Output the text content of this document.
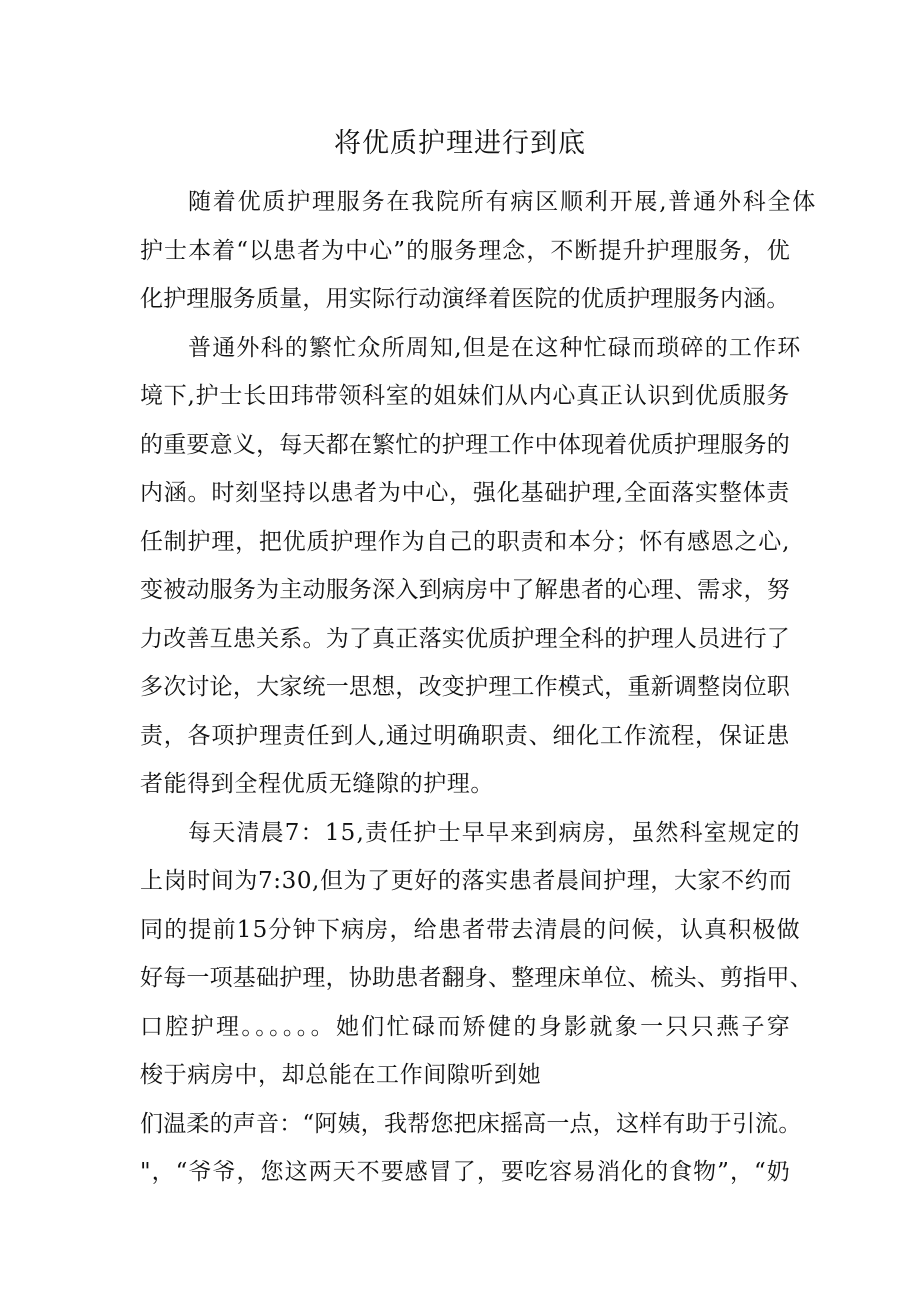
将优质护理进行到底
随着优质护理服务在我院所有病区顺利开展,普通外科全体
护士本着“以患者为中心”的服务理念，不断提升护理服务，优
化护理服务质量，用实际行动演绎着医院的优质护理服务内涵。
普通外科的繁忙众所周知,但是在这种忙碌而琐碎的工作环
境下,护士长田玮带领科室的姐妹们从内心真正认识到优质服务
的重要意义，每天都在繁忙的护理工作中体现着优质护理服务的
内涵。时刻坚持以患者为中心，强化基础护理,全面落实整体责
任制护理，把优质护理作为自己的职责和本分；怀有感恩之心,
变被动服务为主动服务深入到病房中了解患者的心理、需求，努
力改善互患关系。为了真正落实优质护理全科的护理人员进行了
多次讨论，大家统一思想，改变护理工作模式，重新调整岗位职
责，各项护理责任到人,通过明确职责、细化工作流程，保证患
者能得到全程优质无缝隙的护理。
每天清晨7：15,责任护士早早来到病房，虽然科室规定的
上岗时间为7:30,但为了更好的落实患者晨间护理，大家不约而
同的提前15分钟下病房，给患者带去清晨的问候，认真积极做
好每一项基础护理，协助患者翻身、整理床单位、梳头、剪指甲、
口腔护理。。。。。。她们忙碌而矫健的身影就象一只只燕子穿
梭于病房中，却总能在工作间隙听到她
们温柔的声音：“阿姨，我帮您把床摇高一点，这样有助于引流。
"，“爷爷，您这两天不要感冒了，要吃容易消化的食物”，“奶
